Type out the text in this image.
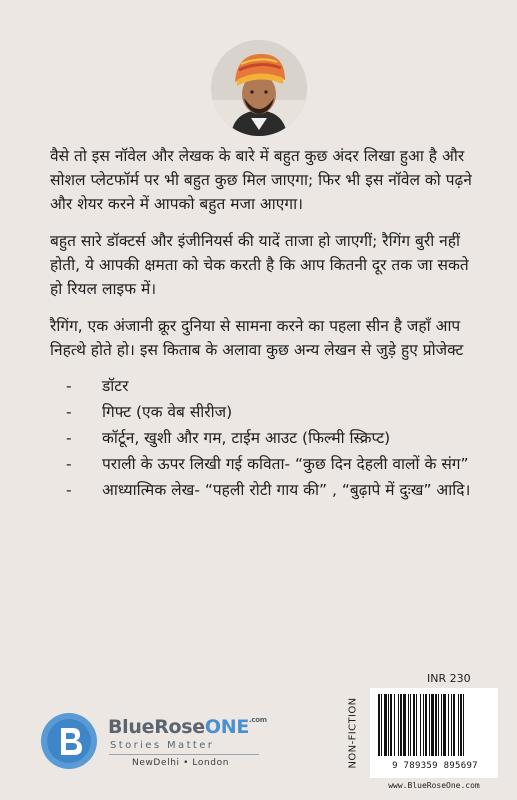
वैसे तो इस नॉवेल और लेखक के बारे में बहुत कुछ अंदर लिखा हुआ है और सोशल प्लेटफॉर्म पर भी बहुत कुछ मिल जाएगा; फिर भी इस नॉवेल को पढ़ने और शेयर करने में आपको बहुत मजा आएगा।

बहुत सारे डॉक्टर्स और इंजीनियर्स की यादें ताजा हो जाएगीं; रैगिंग बुरी नहीं होती, ये आपकी क्षमता को चेक करती है कि आप कितनी दूर तक जा सकते हो रियल लाइफ में।

रैगिंग, एक अंजानी क्रूर दुनिया से सामना करने का पहला सीन है जहाँ आप निहत्थे होते हो। इस किताब के अलावा कुछ अन्य लेखन से जुड़े हुए प्रोजेक्ट

-	डॉटर
-	गिफ्ट (एक वेब सीरीज)
-	कॉर्टून, खुशी और गम, टाईम आउट (फिल्मी स्क्रिप्ट)
-	पराली के ऊपर लिखी गई कविता- “कुछ दिन देहली वालों के संग”
-	आध्यात्मिक लेख- “पहली रोटी गाय की” , “बुढ़ापे में दुःख” आदि।
BlueRoseONE$^{.com}$
Stories Matter
NewDelhi • London	NON-FICTION
INR 230
9 789359 895697
www.BlueRoseOne.com
